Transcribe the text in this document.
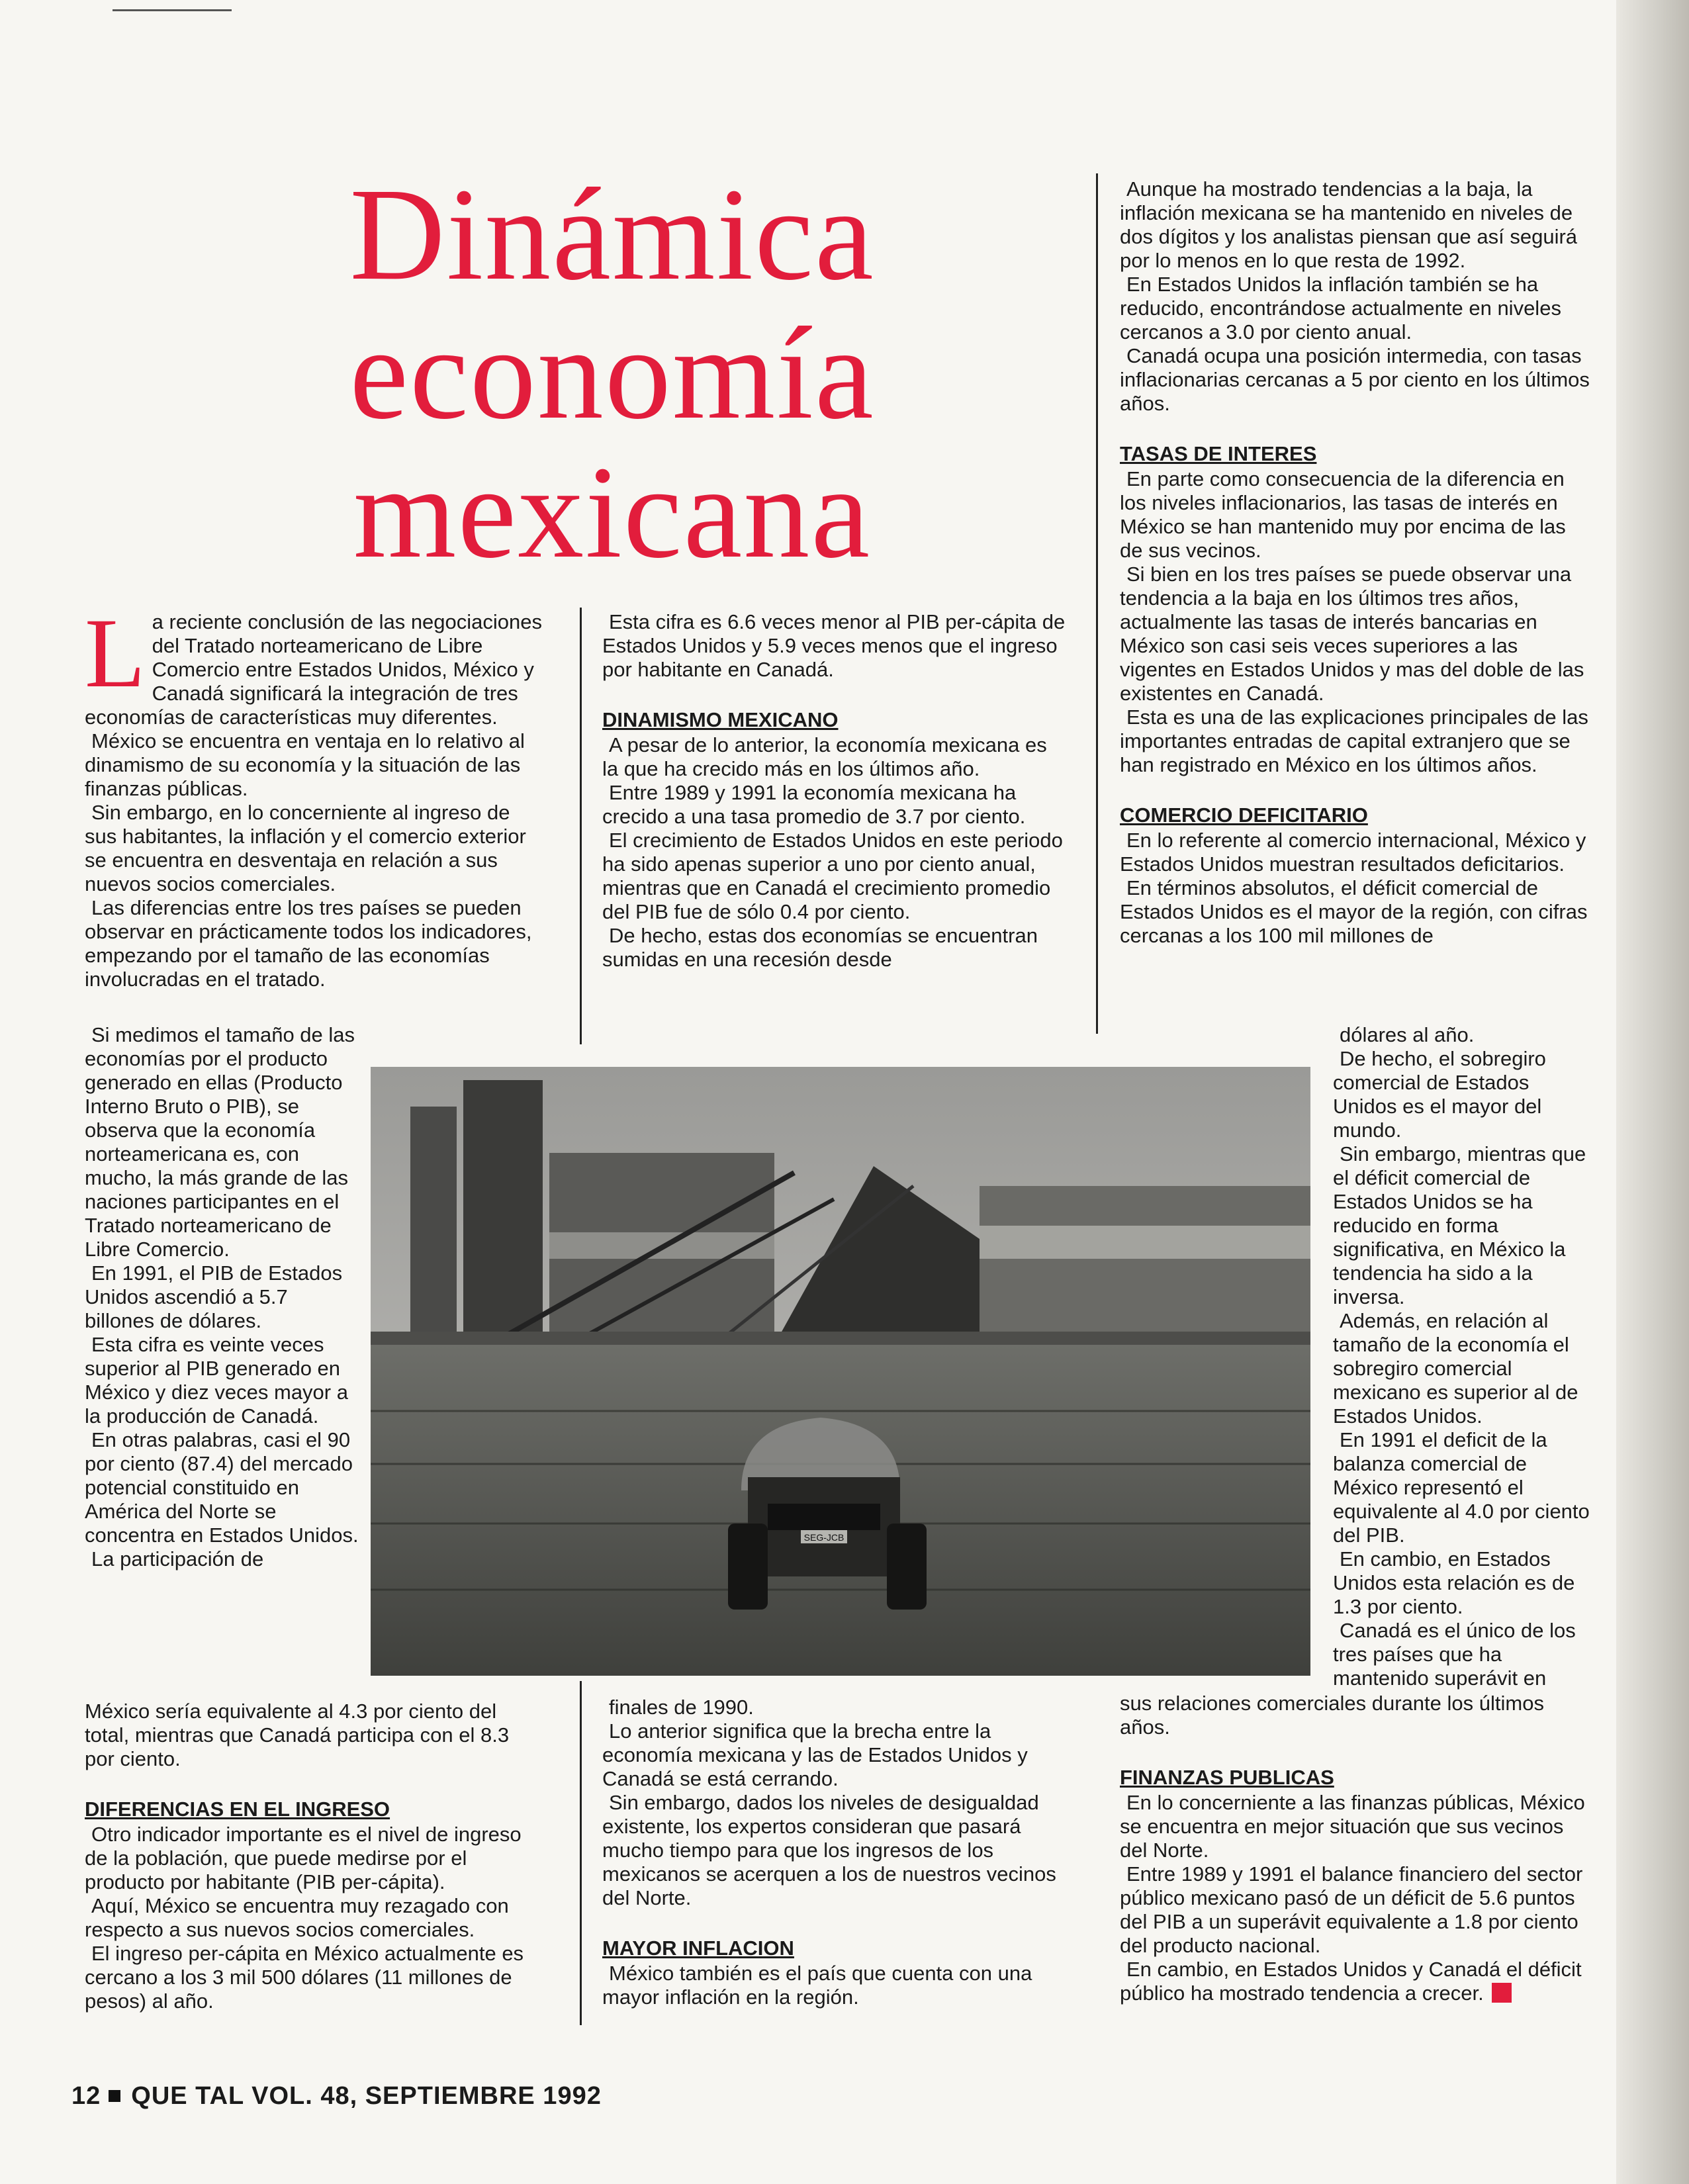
Dinámica
economía
mexicana
L a reciente conclusión de las negociaciones del Tratado norteamericano de Libre Comercio entre Estados Unidos, México y Canadá significará la integración de tres economías de características muy diferentes.

México se encuentra en ventaja en lo relativo al dinamismo de su economía y la situación de las finanzas públicas.

Sin embargo, en lo concerniente al ingreso de sus habitantes, la inflación y el comercio exterior se encuentra en desventaja en relación a sus nuevos socios comerciales.

Las diferencias entre los tres países se pueden observar en prácticamente todos los indicadores, empezando por el tamaño de las economías involucradas en el tratado.

Si medimos el tamaño de las economías por el producto generado en ellas (Producto Interno Bruto o PIB), se observa que la economía norteamericana es, con mucho, la más grande de las naciones participantes en el Tratado norteamericano de Libre Comercio.

En 1991, el PIB de Estados Unidos ascendió a 5.7 billones de dólares.

Esta cifra es veinte veces superior al PIB generado en México y diez veces mayor a la producción de Canadá.

En otras palabras, casi el 90 por ciento (87.4) del mercado potencial constituido en América del Norte se concentra en Estados Unidos.

La participación de

México sería equivalente al 4.3 por ciento del total, mientras que Canadá participa con el 8.3 por ciento.

DIFERENCIAS EN EL INGRESO

Otro indicador importante es el nivel de ingreso de la población, que puede medirse por el producto por habitante (PIB per-cápita).

Aquí, México se encuentra muy rezagado con respecto a sus nuevos socios comerciales.

El ingreso per-cápita en México actualmente es cercano a los 3 mil 500 dólares (11 millones de pesos) al año.

Esta cifra es 6.6 veces menor al PIB per-cápita de Estados Unidos y 5.9 veces menos que el ingreso por habitante en Canadá.

DINAMISMO MEXICANO

A pesar de lo anterior, la economía mexicana es la que ha crecido más en los últimos año.

Entre 1989 y 1991 la economía mexicana ha crecido a una tasa promedio de 3.7 por ciento.

El crecimiento de Estados Unidos en este periodo ha sido apenas superior a uno por ciento anual, mientras que en Canadá el crecimiento promedio del PIB fue de sólo 0.4 por ciento.

De hecho, estas dos economías se encuentran sumidas en una recesión desde

finales de 1990.

Lo anterior significa que la brecha entre la economía mexicana y las de Estados Unidos y Canadá se está cerrando.

Sin embargo, dados los niveles de desigualdad existente, los expertos consideran que pasará mucho tiempo para que los ingresos de los mexicanos se acerquen a los de nuestros vecinos del Norte.

MAYOR INFLACION

México también es el país que cuenta con una mayor inflación en la región.

Aunque ha mostrado tendencias a la baja, la inflación mexicana se ha mantenido en niveles de dos dígitos y los analistas piensan que así seguirá por lo menos en lo que resta de 1992.

En Estados Unidos la inflación también se ha reducido, encontrándose actualmente en niveles cercanos a 3.0 por ciento anual.

Canadá ocupa una posición intermedia, con tasas inflacionarias cercanas a 5 por ciento en los últimos años.

TASAS DE INTERES

En parte como consecuencia de la diferencia en los niveles inflacionarios, las tasas de interés en México se han mantenido muy por encima de las de sus vecinos.

Si bien en los tres países se puede observar una tendencia a la baja en los últimos tres años, actualmente las tasas de interés bancarias en México son casi seis veces superiores a las vigentes en Estados Unidos y mas del doble de las existentes en Canadá.

Esta es una de las explicaciones principales de las importantes entradas de capital extranjero que se han registrado en México en los últimos años.

COMERCIO DEFICITARIO

En lo referente al comercio internacional, México y Estados Unidos muestran resultados deficitarios.

En términos absolutos, el déficit comercial de Estados Unidos es el mayor de la región, con cifras cercanas a los 100 mil millones de

dólares al año.

De hecho, el sobregiro comercial de Estados Unidos es el mayor del mundo.

Sin embargo, mientras que el déficit comercial de Estados Unidos se ha reducido en forma significativa, en México la tendencia ha sido a la inversa.

Además, en relación al tamaño de la economía el sobregiro comercial mexicano es superior al de Estados Unidos.

En 1991 el deficit de la balanza comercial de México representó el equivalente al 4.0 por ciento del PIB.

En cambio, en Estados Unidos esta relación es de 1.3 por ciento.

Canadá es el único de los tres países que ha mantenido superávit en

sus relaciones comerciales durante los últimos años.

FINANZAS PUBLICAS

En lo concerniente a las finanzas públicas, México se encuentra en mejor situación que sus vecinos del Norte.

Entre 1989 y 1991 el balance financiero del sector público mexicano pasó de un déficit de 5.6 puntos del PIB a un superávit equivalente a 1.8 por ciento del producto nacional.

En cambio, en Estados Unidos y Canadá el déficit público ha mostrado tendencia a crecer.

SEG-JCB
12 QUE TAL VOL. 48, SEPTIEMBRE 1992
